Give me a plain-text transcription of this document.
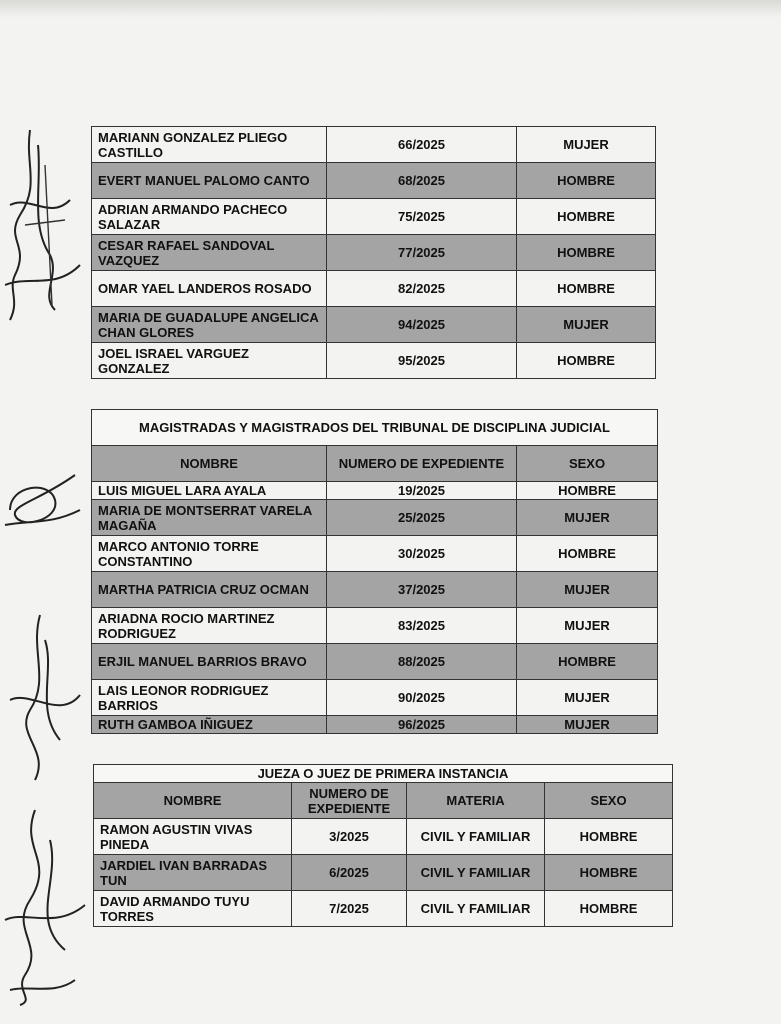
MARIANN GONZALEZ PLIEGO CASTILLO	66/2025	MUJER
EVERT MANUEL PALOMO CANTO	68/2025	HOMBRE
ADRIAN ARMANDO PACHECO SALAZAR	75/2025	HOMBRE
CESAR RAFAEL SANDOVAL VAZQUEZ	77/2025	HOMBRE
OMAR YAEL LANDEROS ROSADO	82/2025	HOMBRE
MARIA DE GUADALUPE ANGELICA CHAN GLORES	94/2025	MUJER
JOEL ISRAEL VARGUEZ GONZALEZ	95/2025	HOMBRE
MAGISTRADAS Y MAGISTRADOS DEL TRIBUNAL DE DISCIPLINA JUDICIAL		
NOMBRE	NUMERO DE EXPEDIENTE	SEXO
LUIS MIGUEL LARA AYALA	19/2025	HOMBRE
MARIA DE MONTSERRAT VARELA MAGAÑA	25/2025	MUJER
MARCO ANTONIO TORRE CONSTANTINO	30/2025	HOMBRE
MARTHA PATRICIA CRUZ OCMAN	37/2025	MUJER
ARIADNA ROCIO MARTINEZ RODRIGUEZ	83/2025	MUJER
ERJIL MANUEL BARRIOS BRAVO	88/2025	HOMBRE
LAIS LEONOR RODRIGUEZ BARRIOS	90/2025	MUJER
RUTH GAMBOA IÑIGUEZ	96/2025	MUJER
JUEZA O JUEZ DE PRIMERA INSTANCIA			
NOMBRE	NUMERO DE EXPEDIENTE	MATERIA	SEXO
RAMON AGUSTIN VIVAS PINEDA	3/2025	CIVIL Y FAMILIAR	HOMBRE
JARDIEL IVAN BARRADAS TUN	6/2025	CIVIL Y FAMILIAR	HOMBRE
DAVID ARMANDO TUYU TORRES	7/2025	CIVIL Y FAMILIAR	HOMBRE
